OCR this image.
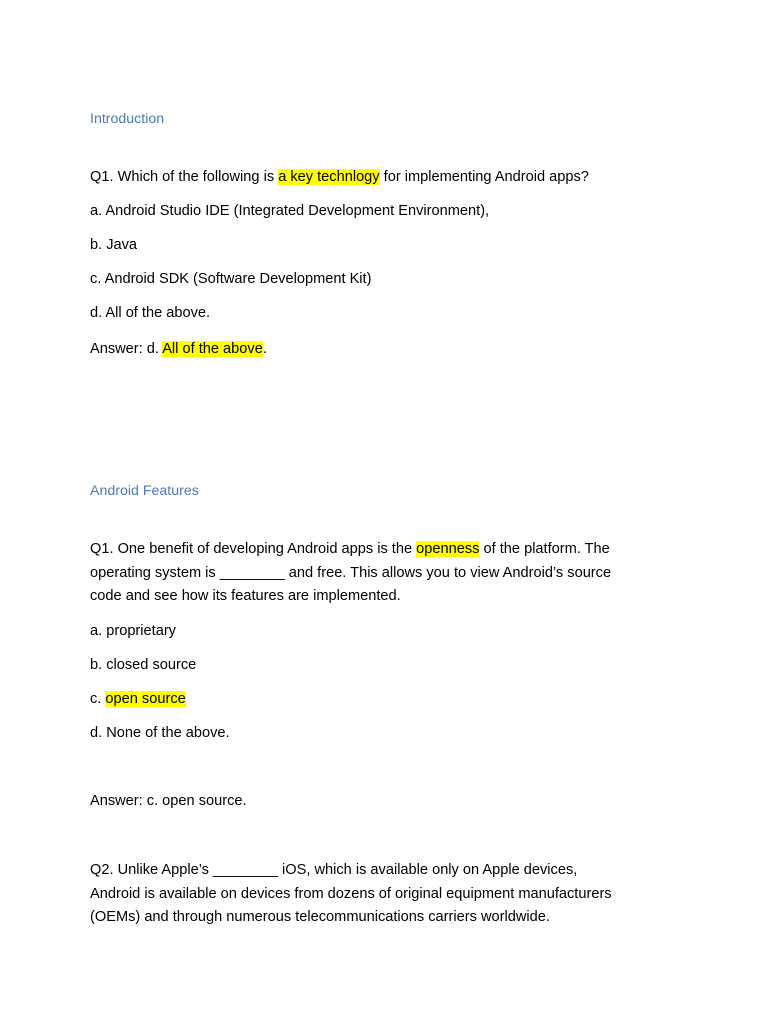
Introduction
Q1. Which of the following is a key technlogy for implementing Android apps?
a. Android Studio IDE (Integrated Development Environment),
b. Java
c. Android SDK (Software Development Kit)
d. All of the above.
Answer: d. All of the above.
Android Features
Q1. One benefit of developing Android apps is the openness of the platform. The
operating system is ________ and free. This allows you to view Android’s source
code and see how its features are implemented.
a. proprietary
b. closed source
c. open source
d. None of the above.
Answer: c. open source.
Q2. Unlike Apple’s ________ iOS, which is available only on Apple devices,
Android is available on devices from dozens of original equipment manufacturers
(OEMs) and through numerous telecommunications carriers worldwide.
